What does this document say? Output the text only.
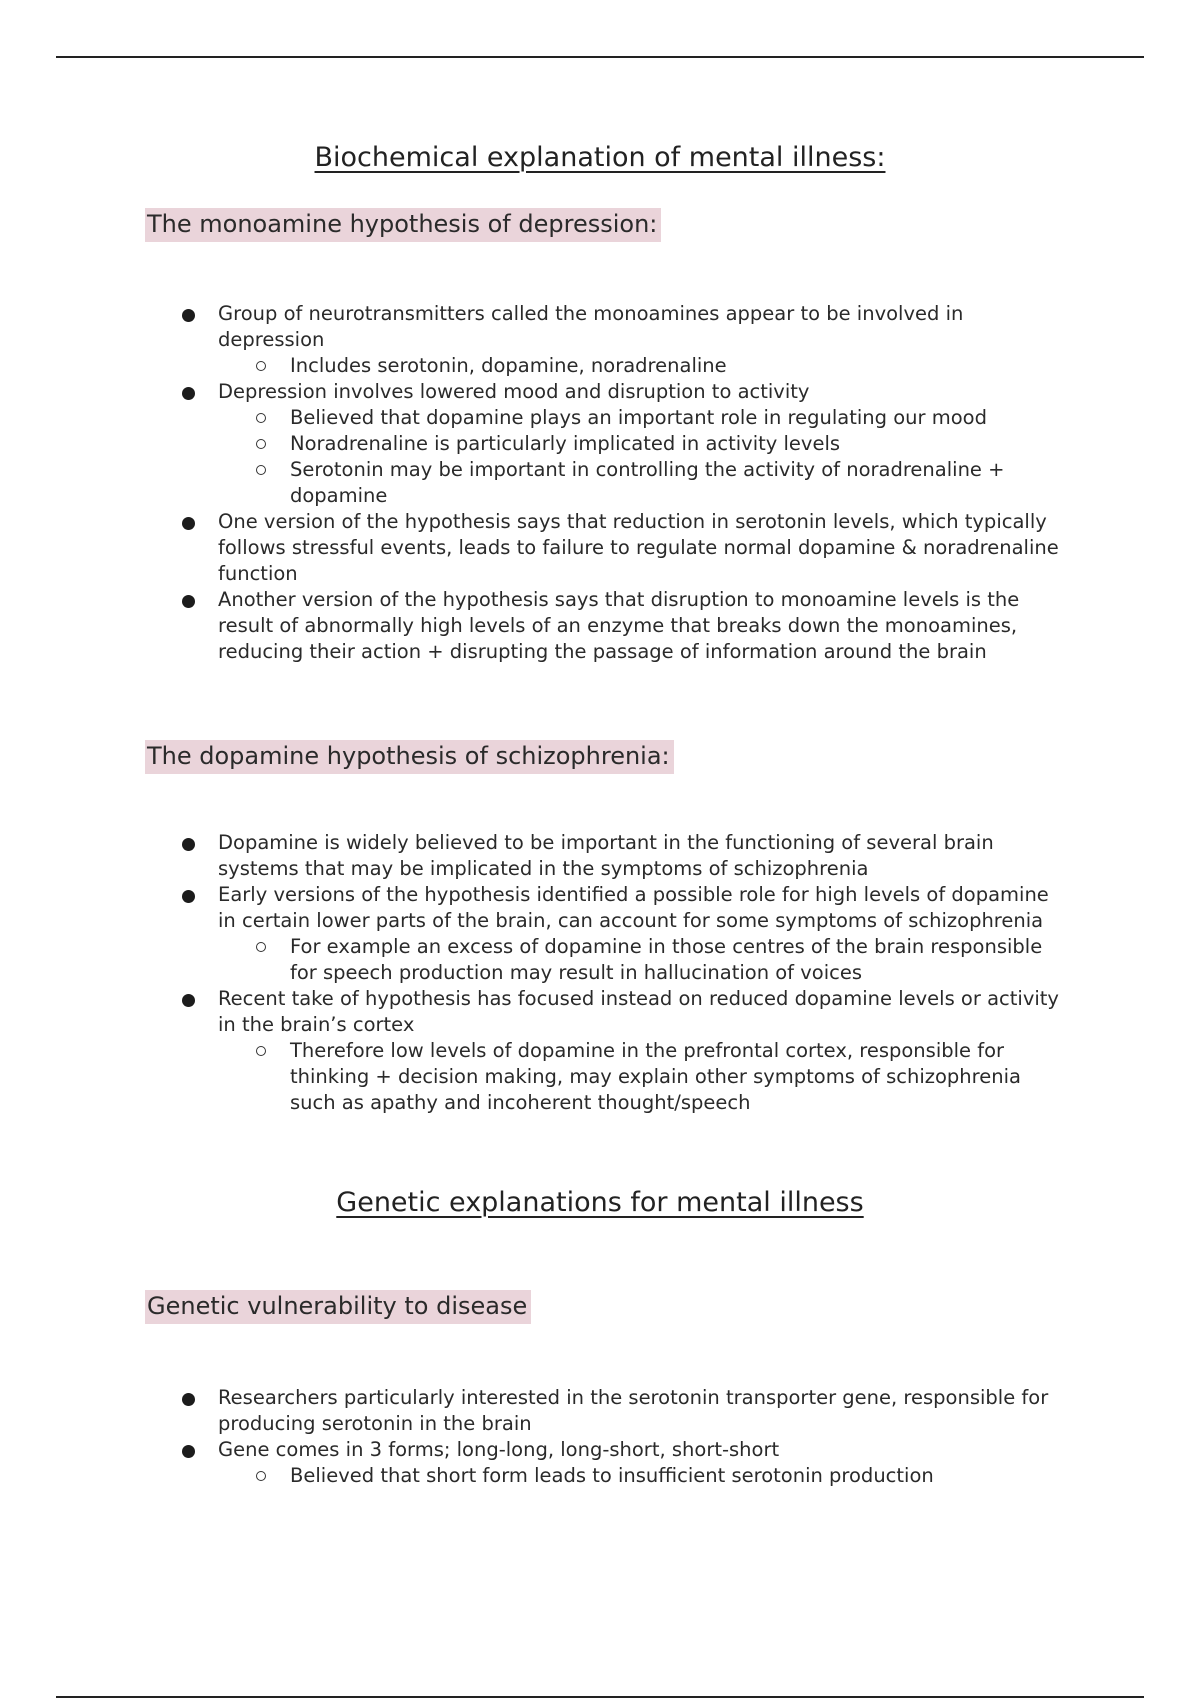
Biochemical explanation of mental illness:
The monoamine hypothesis of depression:
Group of neurotransmitters called the monoamines appear to be involved in depression
Includes serotonin, dopamine, noradrenaline
Depression involves lowered mood and disruption to activity
Believed that dopamine plays an important role in regulating our mood
Noradrenaline is particularly implicated in activity levels
Serotonin may be important in controlling the activity of noradrenaline + dopamine
One version of the hypothesis says that reduction in serotonin levels, which typically follows stressful events, leads to failure to regulate normal dopamine & noradrenaline function
Another version of the hypothesis says that disruption to monoamine levels is the result of abnormally high levels of an enzyme that breaks down the monoamines, reducing their action + disrupting the passage of information around the brain
The dopamine hypothesis of schizophrenia:
Dopamine is widely believed to be important in the functioning of several brain systems that may be implicated in the symptoms of schizophrenia
Early versions of the hypothesis identified a possible role for high levels of dopamine in certain lower parts of the brain, can account for some symptoms of schizophrenia
For example an excess of dopamine in those centres of the brain responsible for speech production may result in hallucination of voices
Recent take of hypothesis has focused instead on reduced dopamine levels or activity in the brain’s cortex
Therefore low levels of dopamine in the prefrontal cortex, responsible for thinking + decision making, may explain other symptoms of schizophrenia such as apathy and incoherent thought/speech
Genetic explanations for mental illness
Genetic vulnerability to disease
Researchers particularly interested in the serotonin transporter gene, responsible for producing serotonin in the brain
Gene comes in 3 forms; long-long, long-short, short-short
Believed that short form leads to insufficient serotonin production
